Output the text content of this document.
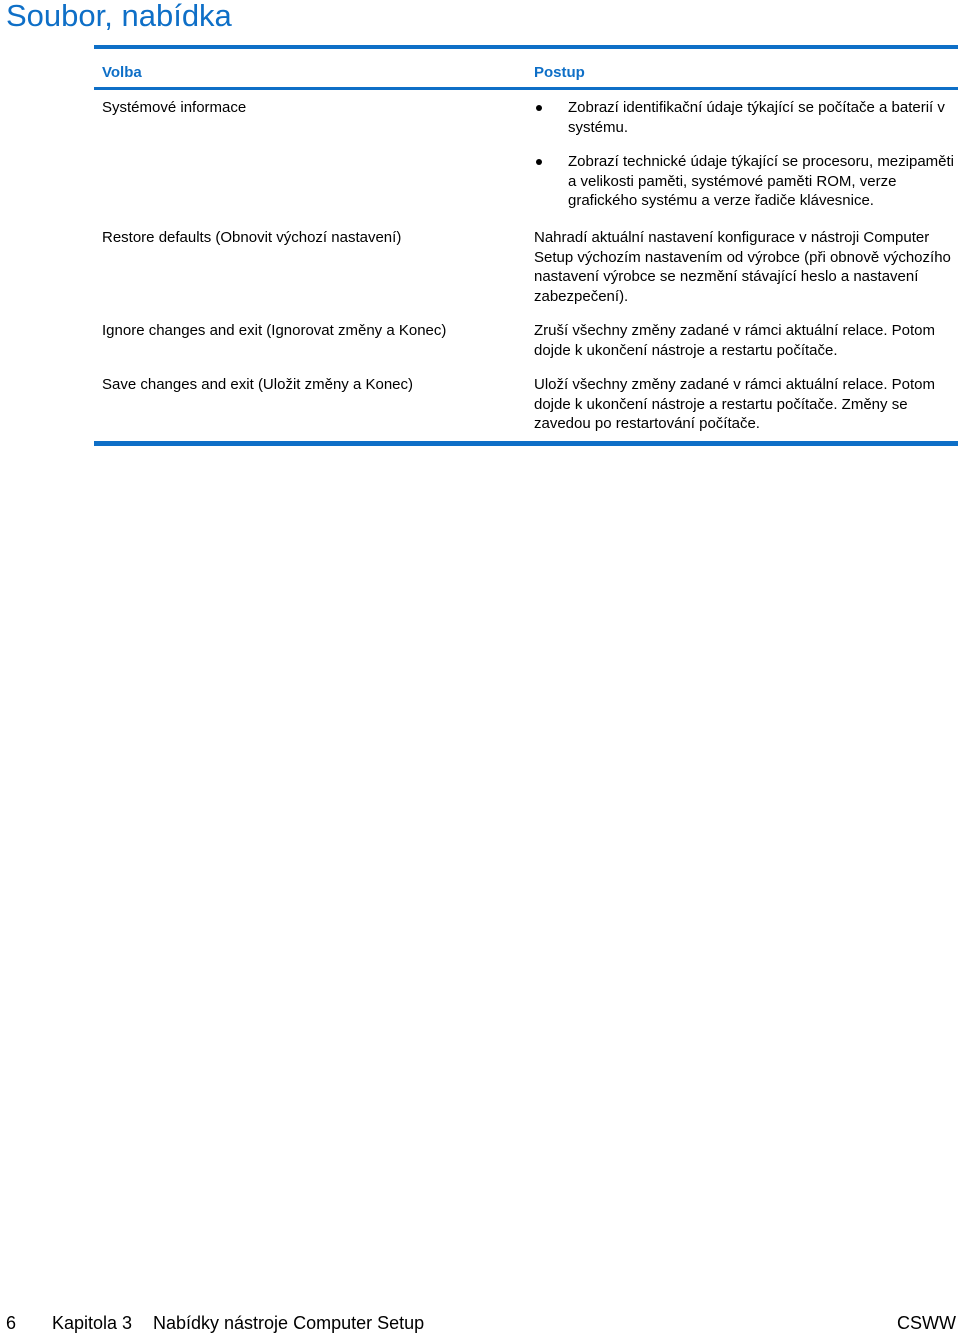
Soubor, nabídka
Volba	Postup
Systémové informace	Zobrazí identifikační údaje týkající se počítače a baterií v systému.
Zobrazí technické údaje týkající se procesoru, mezipaměti a velikosti paměti, systémové paměti ROM, verze grafického systému a verze řadiče klávesnice.
Restore defaults (Obnovit výchozí nastavení)	Nahradí aktuální nastavení konfigurace v nástroji Computer Setup výchozím nastavením od výrobce (při obnově výchozího nastavení výrobce se nezmění stávající heslo a nastavení zabezpečení).
Ignore changes and exit (Ignorovat změny a Konec)	Zruší všechny změny zadané v rámci aktuální relace. Potom dojde k ukončení nástroje a restartu počítače.
Save changes and exit (Uložit změny a Konec)	Uloží všechny změny zadané v rámci aktuální relace. Potom dojde k ukončení nástroje a restartu počítače. Změny se zavedou po restartování počítače.
6 Kapitola 3 Nabídky nástroje Computer Setup	CSWW
